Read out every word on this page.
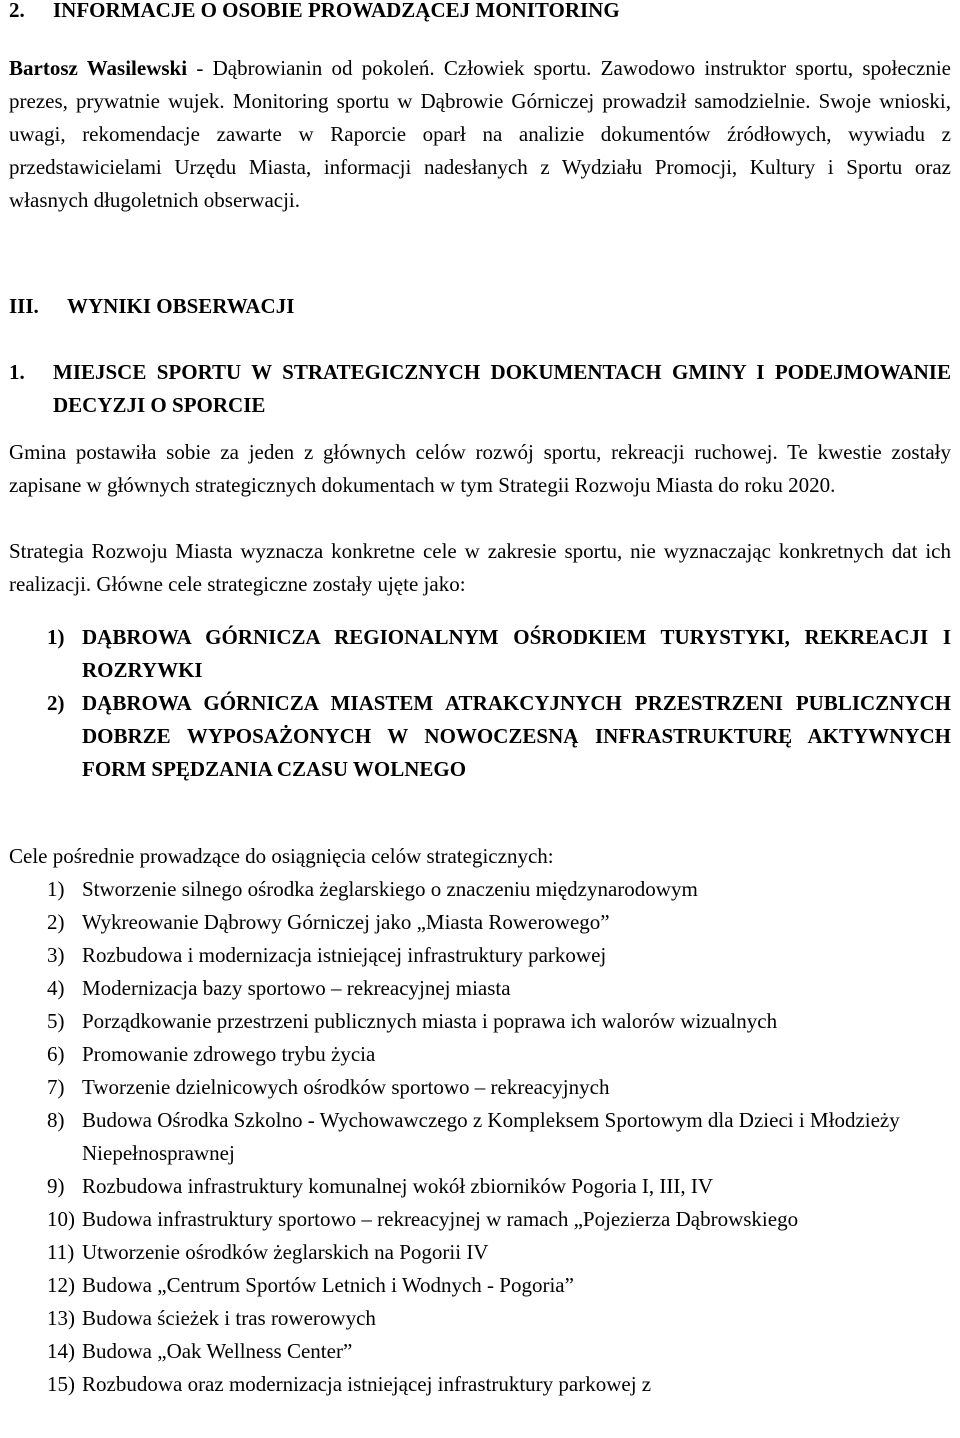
2.	INFORMACJE O OSOBIE PROWADZĄCEJ MONITORING

Bartosz Wasilewski - Dąbrowianin od pokoleń. Człowiek sportu. Zawodowo instruktor sportu, społecznie prezes, prywatnie wujek. Monitoring sportu w Dąbrowie Górniczej prowadził samodzielnie. Swoje wnioski, uwagi, rekomendacje zawarte w Raporcie oparł na analizie dokumentów źródłowych, wywiadu z przedstawicielami Urzędu Miasta, informacji nadesłanych z Wydziału Promocji, Kultury i Sportu oraz własnych długoletnich obserwacji.

III.	WYNIKI OBSERWACJI
1.	MIEJSCE SPORTU W STRATEGICZNYCH DOKUMENTACH GMINY I PODEJMOWANIE DECYZJI O SPORCIE

Gmina postawiła sobie za jeden z głównych celów rozwój sportu, rekreacji ruchowej. Te kwestie zostały zapisane w głównych strategicznych dokumentach w tym Strategii Rozwoju Miasta do roku 2020.

Strategia Rozwoju Miasta wyznacza konkretne cele w zakresie sportu, nie wyznaczając konkretnych dat ich realizacji. Główne cele strategiczne zostały ujęte jako:

1) DĄBROWA GÓRNICZA REGIONALNYM OŚRODKIEM TURYSTYKI, REKREACJI I ROZRYWKI
2) DĄBROWA GÓRNICZA MIASTEM ATRAKCYJNYCH PRZESTRZENI PUBLICZNYCH DOBRZE WYPOSAŻONYCH W NOWOCZESNĄ INFRASTRUKTURĘ AKTYWNYCH FORM SPĘDZANIA CZASU WOLNEGO

Cele pośrednie prowadzące do osiągnięcia celów strategicznych:

1) Stworzenie silnego ośrodka żeglarskiego o znaczeniu międzynarodowym
2) Wykreowanie Dąbrowy Górniczej jako „Miasta Rowerowego”
3) Rozbudowa i modernizacja istniejącej infrastruktury parkowej
4) Modernizacja bazy sportowo – rekreacyjnej miasta
5) Porządkowanie przestrzeni publicznych miasta i poprawa ich walorów wizualnych
6) Promowanie zdrowego trybu życia
7) Tworzenie dzielnicowych ośrodków sportowo – rekreacyjnych
8) Budowa Ośrodka Szkolno - Wychowawczego z Kompleksem Sportowym dla Dzieci i Młodzieży Niepełnosprawnej
9) Rozbudowa infrastruktury komunalnej wokół zbiorników Pogoria I, III, IV
10) Budowa infrastruktury sportowo – rekreacyjnej w ramach „Pojezierza Dąbrowskiego
11) Utworzenie ośrodków żeglarskich na Pogorii IV
12) Budowa „Centrum Sportów Letnich i Wodnych - Pogoria”
13) Budowa ścieżek i tras rowerowych
14) Budowa „Oak Wellness Center”
15) Rozbudowa oraz modernizacja istniejącej infrastruktury parkowej z
